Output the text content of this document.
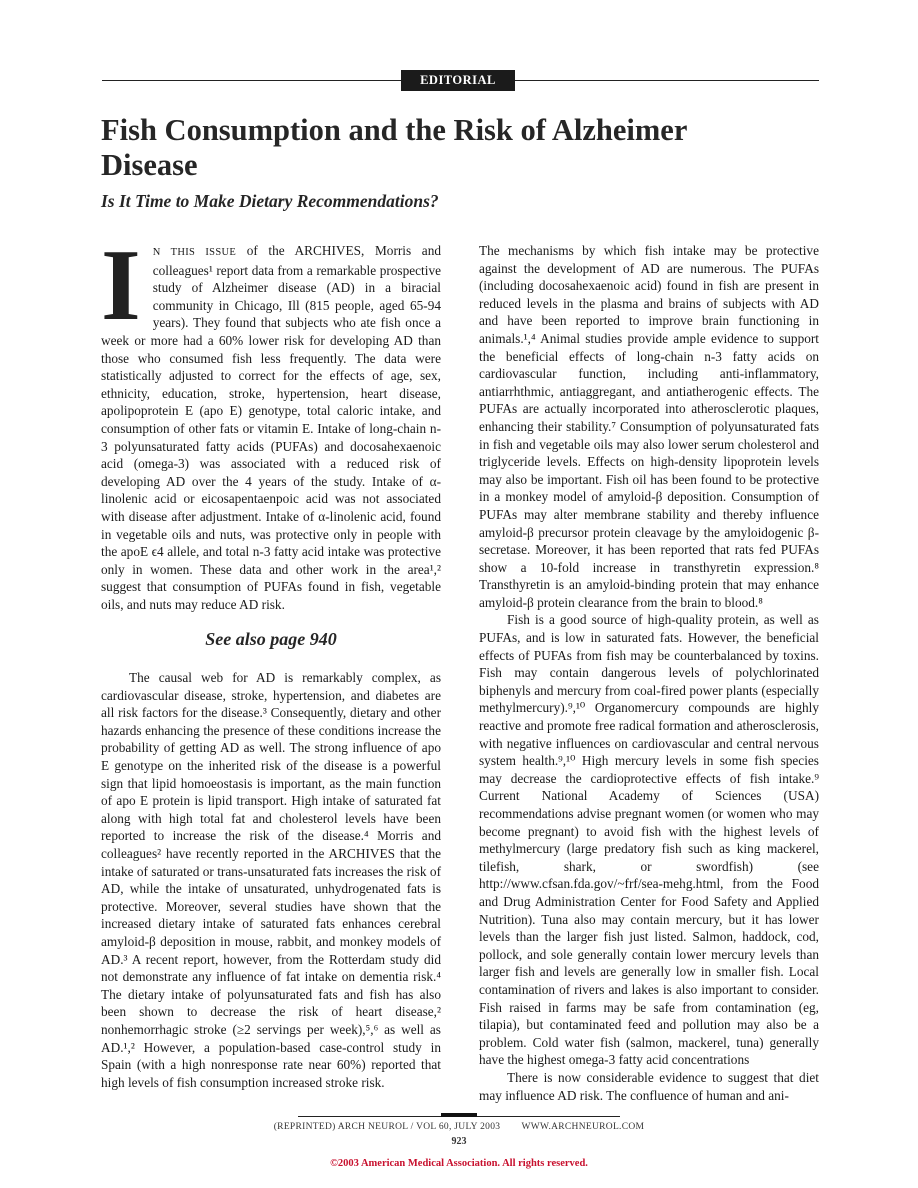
EDITORIAL
Fish Consumption and the Risk of Alzheimer Disease
Is It Time to Make Dietary Recommendations?

I N THIS ISSUE of the ARCHIVES, Morris and colleagues¹ report data from a remarkable prospective study of Alzheimer disease (AD) in a biracial community in Chicago, Ill (815 people, aged 65-94 years). They found that subjects who ate fish once a week or more had a 60% lower risk for developing AD than those who consumed fish less frequently. The data were statistically adjusted to correct for the effects of age, sex, ethnicity, education, stroke, hypertension, heart disease, apolipoprotein E (apo E) genotype, total caloric intake, and consumption of other fats or vitamin E. Intake of long-chain n-3 polyunsaturated fatty acids (PUFAs) and docosahexaenoic acid (omega-3) was associated with a reduced risk of developing AD over the 4 years of the study. Intake of α-linolenic acid or eicosapentaenpoic acid was not associated with disease after adjustment. Intake of α-linolenic acid, found in vegetable oils and nuts, was protective only in people with the apoE ϵ4 allele, and total n-3 fatty acid intake was protective only in women. These data and other work in the area¹,² suggest that consumption of PUFAs found in fish, vegetable oils, and nuts may reduce AD risk.

See also page 940

The causal web for AD is remarkably complex, as cardiovascular disease, stroke, hypertension, and diabetes are all risk factors for the disease.³ Consequently, dietary and other hazards enhancing the presence of these conditions increase the probability of getting AD as well. The strong influence of apo E genotype on the inherited risk of the disease is a powerful sign that lipid homoeostasis is important, as the main function of apo E protein is lipid transport. High intake of saturated fat along with high total fat and cholesterol levels have been reported to increase the risk of the disease.⁴ Morris and colleagues² have recently reported in the ARCHIVES that the intake of saturated or trans-unsaturated fats increases the risk of AD, while the intake of unsaturated, unhydrogenated fats is protective. Moreover, several studies have shown that the increased dietary intake of saturated fats enhances cerebral amyloid-β deposition in mouse, rabbit, and monkey models of AD.³ A recent report, however, from the Rotterdam study did not demonstrate any influence of fat intake on dementia risk.⁴ The dietary intake of polyunsaturated fats and fish has also been shown to decrease the risk of heart disease,² nonhemorrhagic stroke (≥2 servings per week),⁵,⁶ as well as AD.¹,² However, a population-based case-control study in Spain (with a high nonresponse rate near 60%) reported that high levels of fish consumption increased stroke risk.

The mechanisms by which fish intake may be protective against the development of AD are numerous. The PUFAs (including docosahexaenoic acid) found in fish are present in reduced levels in the plasma and brains of subjects with AD and have been reported to improve brain functioning in animals.¹,⁴ Animal studies provide ample evidence to support the beneficial effects of long-chain n-3 fatty acids on cardiovascular function, including anti-inflammatory, antiarrhthmic, antiaggregant, and antiatherogenic effects. The PUFAs are actually incorporated into atherosclerotic plaques, enhancing their stability.⁷ Consumption of polyunsaturated fats in fish and vegetable oils may also lower serum cholesterol and triglyceride levels. Effects on high-density lipoprotein levels may also be important. Fish oil has been found to be protective in a monkey model of amyloid-β deposition. Consumption of PUFAs may alter membrane stability and thereby influence amyloid-β precursor protein cleavage by the amyloidogenic β-secretase. Moreover, it has been reported that rats fed PUFAs show a 10-fold increase in transthyretin expression.⁸ Transthyretin is an amyloid-binding protein that may enhance amyloid-β protein clearance from the brain to blood.⁸

Fish is a good source of high-quality protein, as well as PUFAs, and is low in saturated fats. However, the beneficial effects of PUFAs from fish may be counterbalanced by toxins. Fish may contain dangerous levels of polychlorinated biphenyls and mercury from coal-fired power plants (especially methylmercury).⁹,¹⁰ Organomercury compounds are highly reactive and promote free radical formation and atherosclerosis, with negative influences on cardiovascular and central nervous system health.⁹,¹⁰ High mercury levels in some fish species may decrease the cardioprotective effects of fish intake.⁹ Current National Academy of Sciences (USA) recommendations advise pregnant women (or women who may become pregnant) to avoid fish with the highest levels of methylmercury (large predatory fish such as king mackerel, tilefish, shark, or swordfish) (see http://www.cfsan.fda.gov/~frf/sea-mehg.html, from the Food and Drug Administration Center for Food Safety and Applied Nutrition). Tuna also may contain mercury, but it has lower levels than the larger fish just listed. Salmon, haddock, cod, pollock, and sole generally contain lower mercury levels than larger fish and levels are generally low in smaller fish. Local contamination of rivers and lakes is also important to consider. Fish raised in farms may be safe from contamination (eg, tilapia), but contaminated feed and pollution may also be a problem. Cold water fish (salmon, mackerel, tuna) generally have the highest omega-3 fatty acid concentrations

There is now considerable evidence to suggest that diet may influence AD risk. The confluence of human and ani-

(REPRINTED) ARCH NEUROL / VOL 60, JULY 2003        WWW.ARCHNEUROL.COM
923
©2003 American Medical Association. All rights reserved.
